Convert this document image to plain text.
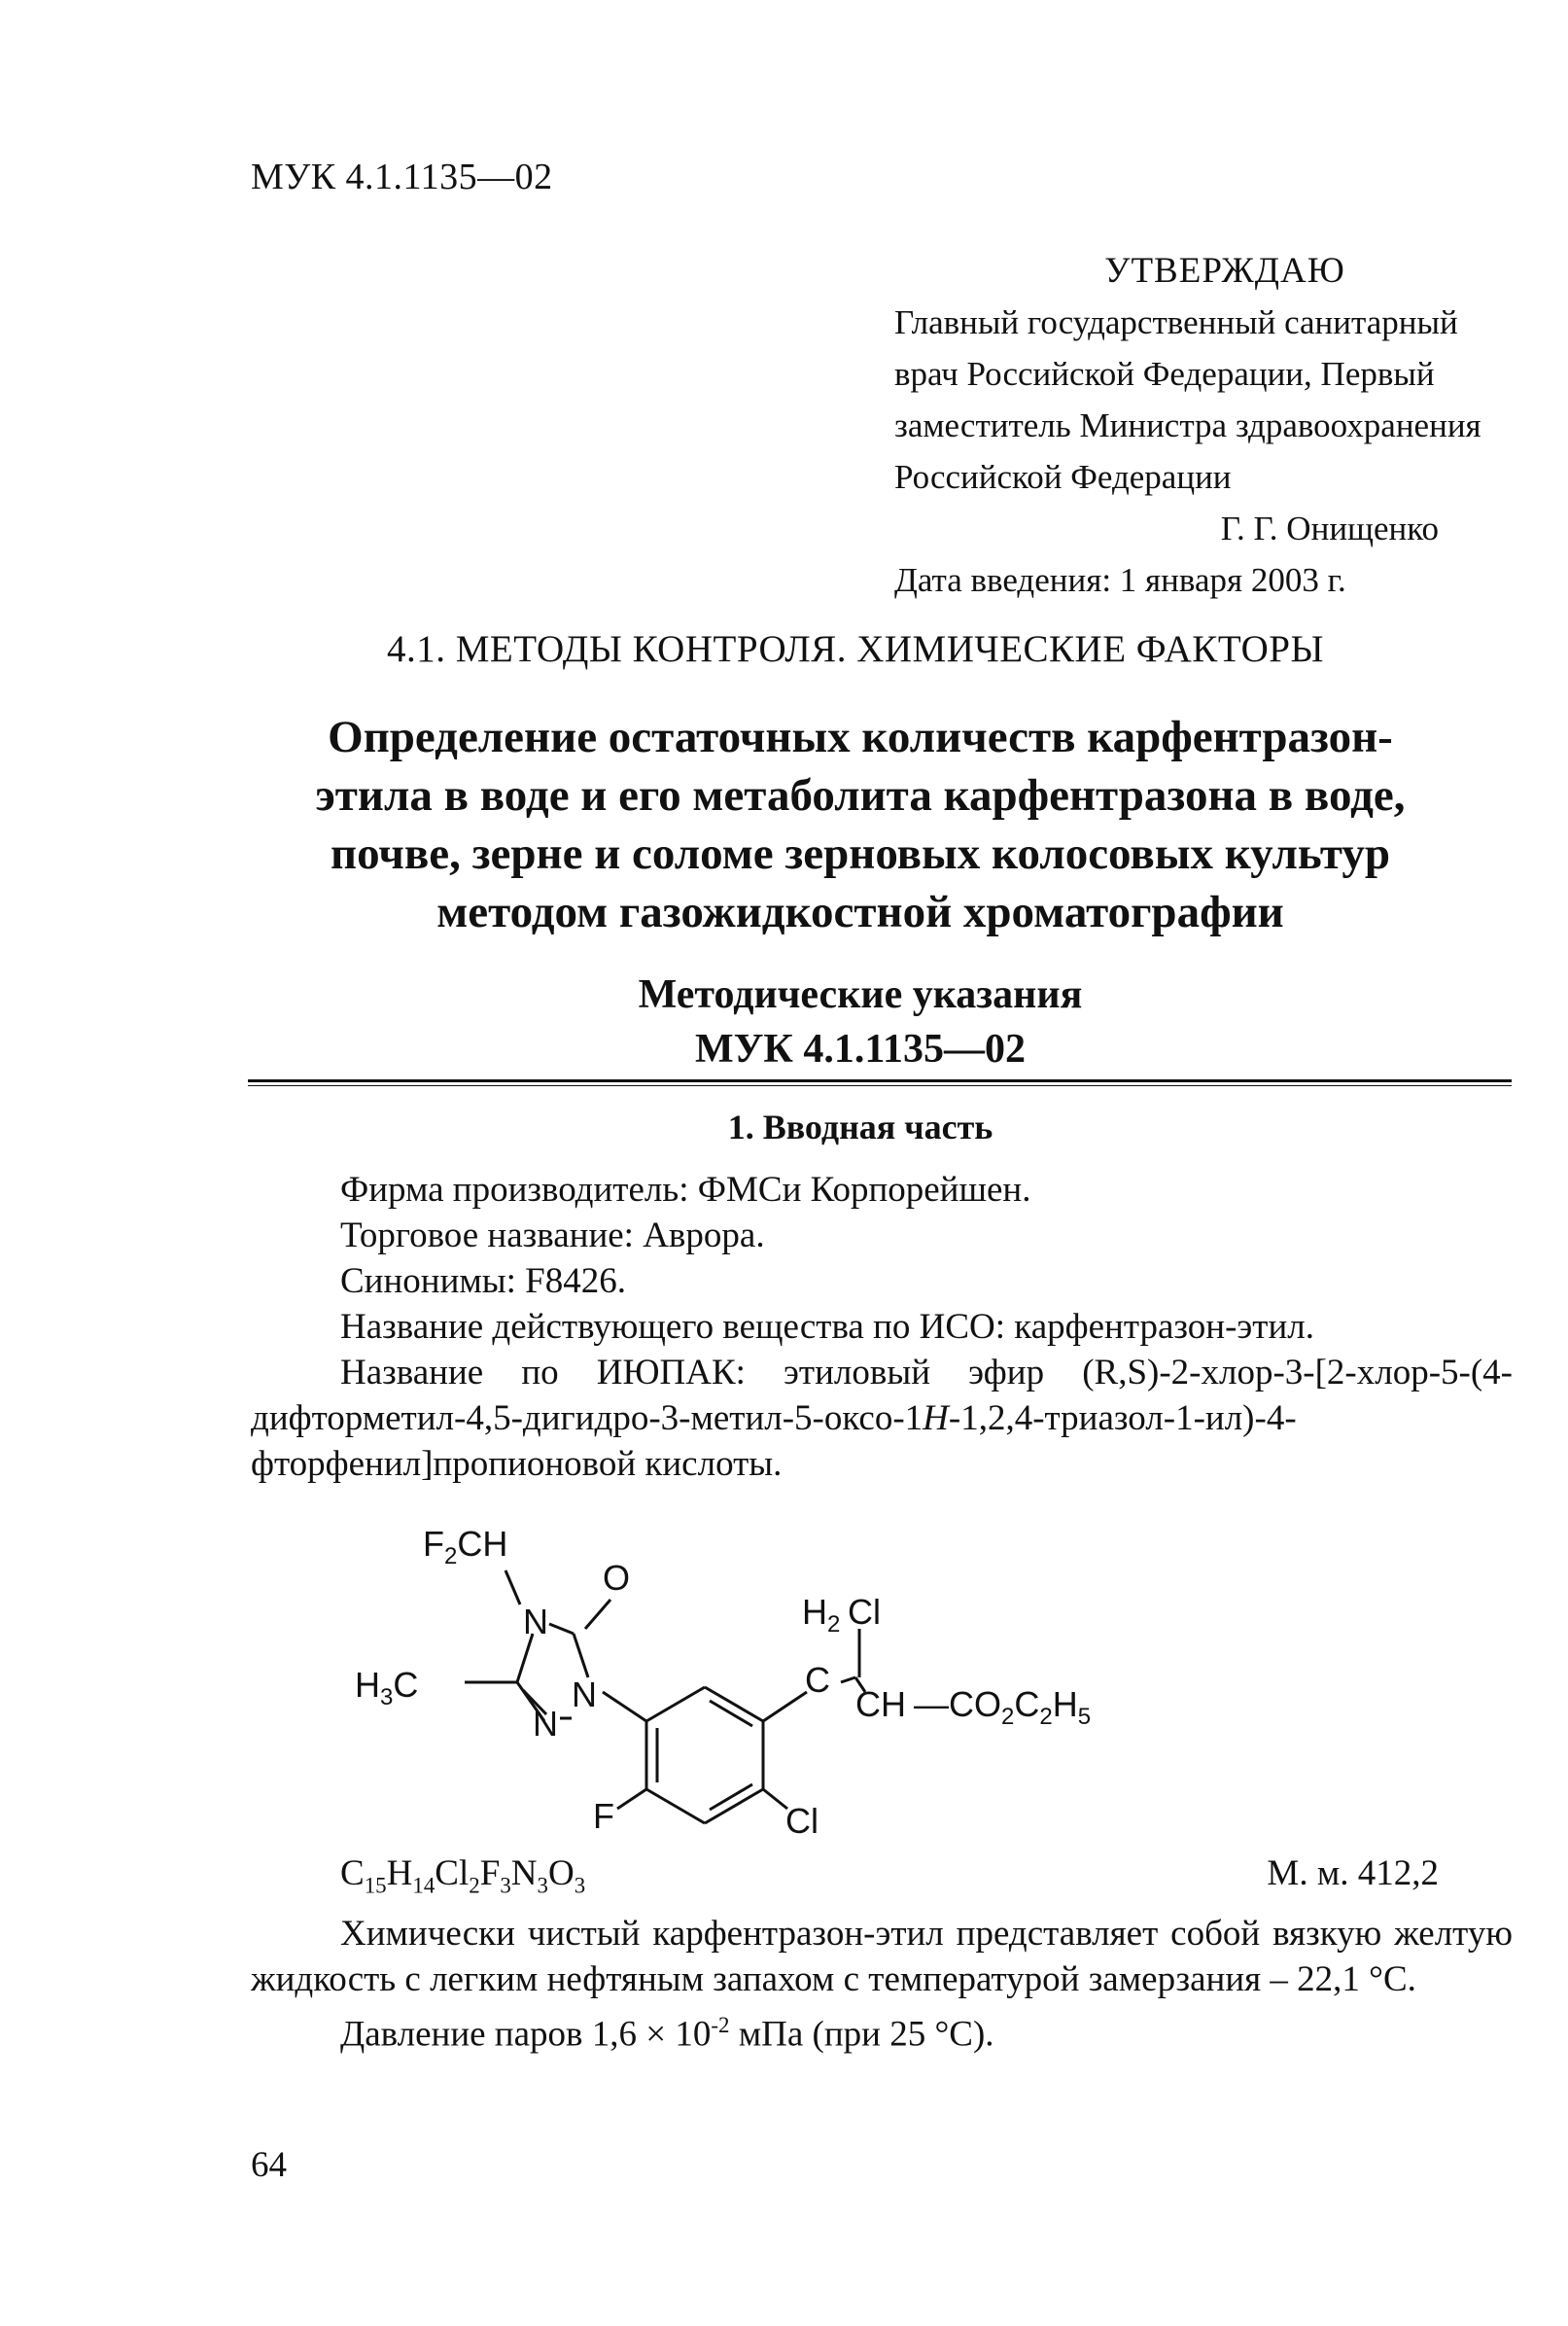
МУК 4.1.1135—02
УТВЕРЖДАЮ
Главный государственный санитарный
врач Российской Федерации, Первый
заместитель Министра здравоохранения
Российской Федерации
Г. Г. Онищенко
Дата введения: 1 января 2003 г.
4.1. МЕТОДЫ КОНТРОЛЯ. ХИМИЧЕСКИЕ ФАКТОРЫ
Определение остаточных количеств карфентразон-
этила в воде и его метаболита карфентразона в воде,
почве, зерне и соломе зерновых колосовых культур
методом газожидкостной хроматографии
Методические указания
МУК 4.1.1135—02
1. Вводная часть
Фирма производитель: ФМСи Корпорейшен.
Торговое название: Аврора.
Синонимы: F8426.
Название действующего вещества по ИСО: карфентразон-этил.
Название по ИЮПАК: этиловый эфир (R,S)-2-хлор-3-[2-хлор-5-(4-дифторметил-4,5-дигидро-3-метил-5-оксо-1H-1,2,4-триазол-1-ил)-4-фторфенил]пропионовой кислоты.
$F_2CH$
O
N
N
N
$H_3C$
$H_2$
C
Cl
CH $—CO_2C_2H_5$
F	Cl
$C_{15}H_{14}Cl_2F_3N_3O_3$	М. м. 412,2
Химически чистый карфентразон-этил представляет собой вязкую желтую жидкость с легким нефтяным запахом с температурой замерзания – 22,1 °C.
Давление паров $1,6 \times 10^{-2}$ мПа (при 25 °C).
64
